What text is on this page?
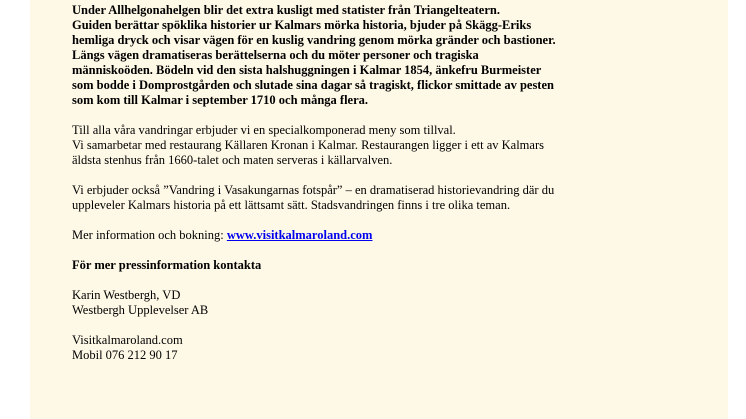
Under Allhelgonahelgen blir det extra kusligt med statister från Triangelteatern.

Guiden berättar spöklika historier ur Kalmars mörka historia, bjuder på Skägg-Eriks

hemliga dryck och visar vägen för en kuslig vandring genom mörka gränder och bastioner.

Längs vägen dramatiseras berättelserna och du möter personer och tragiska

människoöden. Bödeln vid den sista halshuggningen i Kalmar 1854, änkefru Burmeister

som bodde i Domprostgården och slutade sina dagar så tragiskt, flickor smittade av pesten

som kom till Kalmar i september 1710 och många flera.

Till alla våra vandringar erbjuder vi en specialkomponerad meny som tillval.

Vi samarbetar med restaurang Källaren Kronan i Kalmar. Restaurangen ligger i ett av Kalmars

äldsta stenhus från 1660-talet och maten serveras i källarvalven.

Vi erbjuder också ”Vandring i Vasakungarnas fotspår” – en dramatiserad historievandring där du

uppleveler Kalmars historia på ett lättsamt sätt. Stadsvandringen finns i tre olika teman.

Mer information och bokning: www.visitkalmaroland.com

För mer pressinformation kontakta

Karin Westbergh, VD

Westbergh Upplevelser AB

Visitkalmaroland.com

Mobil 076 212 90 17
